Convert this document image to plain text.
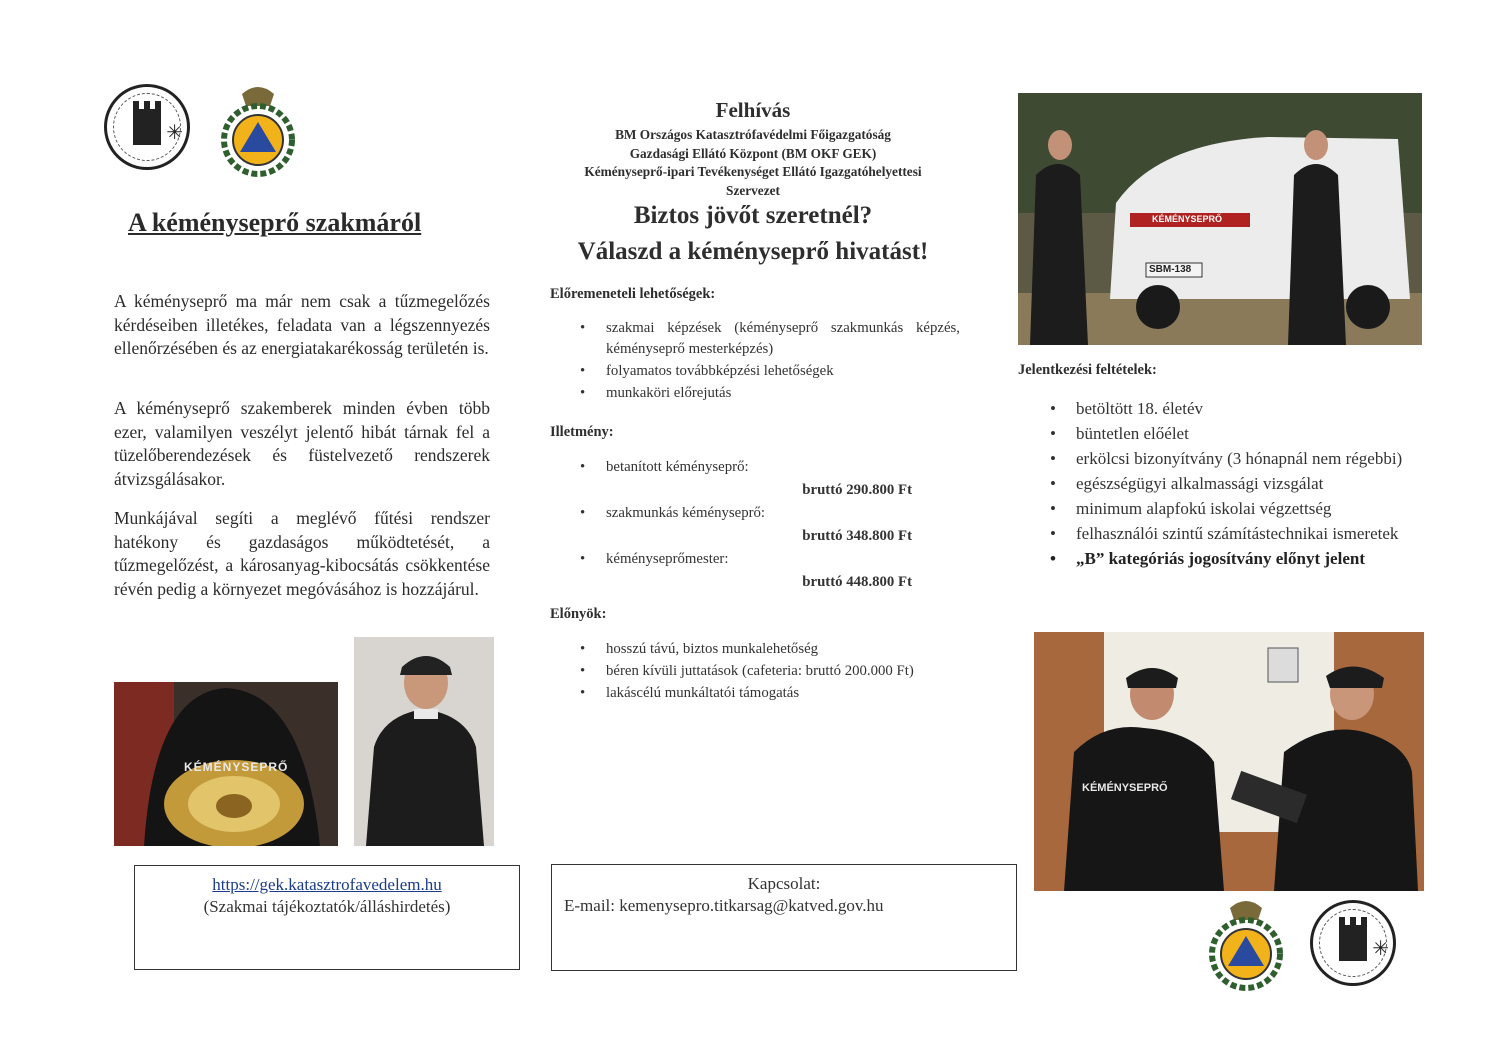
✳
A kéményseprő szakmáról

A kéményseprő ma már nem csak a tűzmegelőzés kérdéseiben illetékes, feladata van a légszennyezés ellenőrzésében és az energiatakarékosság területén is.

A kéményseprő szakemberek minden évben több ezer, valamilyen veszélyt jelentő hibát tárnak fel a tüzelőberendezések és füstelvezető rendszerek átvizsgálásakor.

Munkájával segíti a meglévő fűtési rendszer hatékony és gazdaságos működtetését, a tűzmegelőzést, a károsanyag-kibocsátás csökkentése révén pedig a környezet megóvásához is hozzájárul.

KÉMÉNYSEPRŐ
https://gek.katasztrofavedelem.hu
(Szakmai tájékoztatók/álláshirdetés)
Felhívás
BM Országos Katasztrófavédelmi Főigazgatóság
Gazdasági Ellátó Központ (BM OKF GEK)
Kéményseprő-ipari Tevékenységet Ellátó Igazgatóhelyettesi
Szervezet
Biztos jövőt szeretnél?
Válaszd a kéményseprő hivatást!
Előremeneteli lehetőségek:
• szakmai képzések (kéményseprő szakmunkás képzés, kéményseprő mesterképzés)
• folyamatos továbbképzési lehetőségek
• munkaköri előrejutás
Illetmény:
• betanított kéményseprő:
bruttó 290.800 Ft
• szakmunkás kéményseprő:
bruttó 348.800 Ft
• kéményseprőmester:
bruttó 448.800 Ft
Előnyök:
• hosszú távú, biztos munkalehetőség
• béren kívüli juttatások (cafeteria: bruttó 200.000 Ft)
• lakáscélú munkáltatói támogatás
Kapcsolat:
E-mail: kemenysepro.titkarsag@katved.gov.hu
KÉMÉNYSEPRŐ
SBM-138
Jelentkezési feltételek:
• betöltött 18. életév
• büntetlen előélet
• erkölcsi bizonyítvány (3 hónapnál nem régebbi)
• egészségügyi alkalmassági vizsgálat
• minimum alapfokú iskolai végzettség
• felhasználói szintű számítástechnikai ismeretek
• „B” kategóriás jogosítvány előnyt jelent
KÉMÉNYSEPRŐ
✳
